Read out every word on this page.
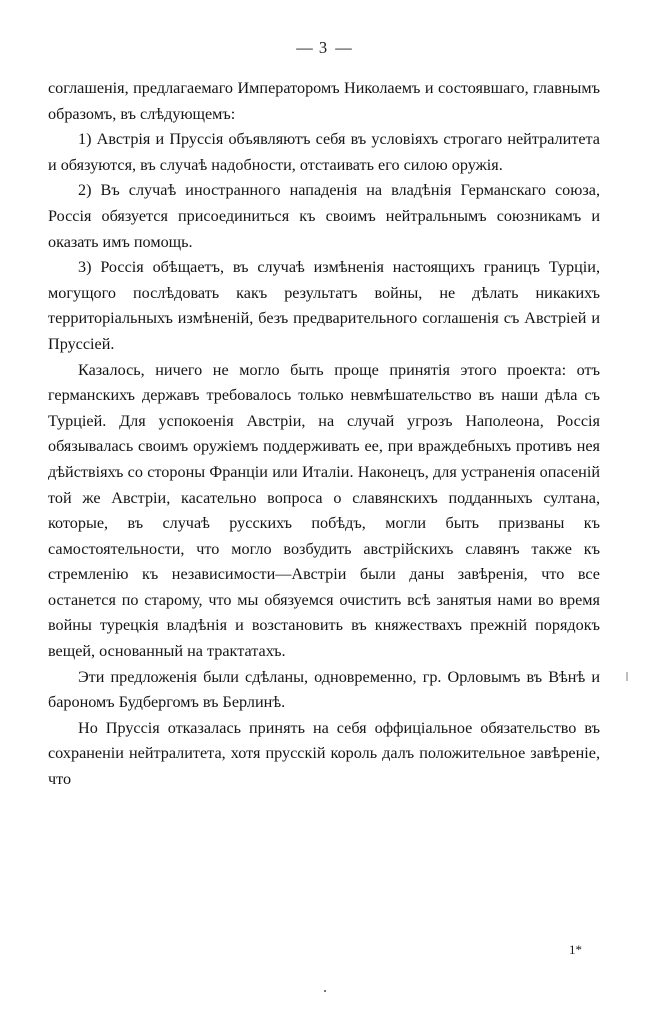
— 3 —

соглашенія, предлагаемаго Императоромъ Николаемъ и состоявшаго, главнымъ образомъ, въ слѣдующемъ:

1) Австрія и Пруссія объявляютъ себя въ условіяхъ строгаго нейтралитета и обязуются, въ случаѣ надобности, отстаивать его силою оружія.

2) Въ случаѣ иностранного нападенія на владѣнія Германскаго союза, Россія обязуется присоединиться къ своимъ нейтральнымъ союзникамъ и оказать имъ помощь.

3) Россія обѣщаетъ, въ случаѣ измѣненія настоящихъ границъ Турціи, могущого послѣдовать какъ результатъ войны, не дѣлать никакихъ территоріальныхъ измѣненій, безъ предварительного соглашенія съ Австріей и Пруссіей.

Казалось, ничего не могло быть проще принятія этого проекта: отъ германскихъ державъ требовалось только невмѣшательство въ наши дѣла съ Турціей. Для успокоенія Австріи, на случай угрозъ Наполеона, Россія обязывалась своимъ оружіемъ поддерживать ее, при враждебныхъ противъ нея дѣйствіяхъ со стороны Франціи или Италіи. Наконецъ, для устраненія опасеній той же Австріи, касательно вопроса о славянскихъ подданныхъ султана, которые, въ случаѣ русскихъ побѣдъ, могли быть призваны къ самостоятельности, что могло возбудить австрійскихъ славянъ также къ стремленію къ независимости—Австріи были даны завѣренія, что все останется по старому, что мы обязуемся очистить всѣ занятыя нами во время войны турецкія владѣнія и возстановить въ княжествахъ прежній порядокъ вещей, основанный на трактатахъ.

Эти предложенія были сдѣланы, одновременно, гр. Орловымъ въ Вѣнѣ и барономъ Будбергомъ въ Берлинѣ.

Но Пруссія отказалась принять на себя оффиціальное обязательство въ сохраненіи нейтралитета, хотя прусскій король далъ положительное завѣреніе, что

1*
